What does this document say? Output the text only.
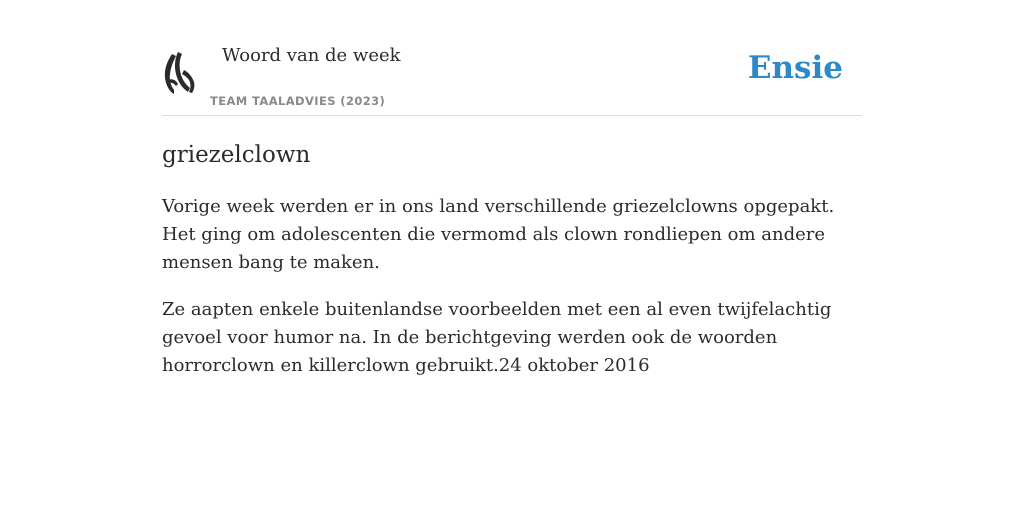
Woord van de week
TEAM TAALADVIES (2023)
Ensie
griezelclown

Vorige week werden er in ons land verschillende griezelclowns opgepakt. Het ging om adolescenten die vermomd als clown rondliepen om andere mensen bang te maken.

Ze aapten enkele buitenlandse voorbeelden met een al even twijfelachtig gevoel voor humor na. In de berichtgeving werden ook de woorden horrorclown en killerclown gebruikt.24 oktober 2016
